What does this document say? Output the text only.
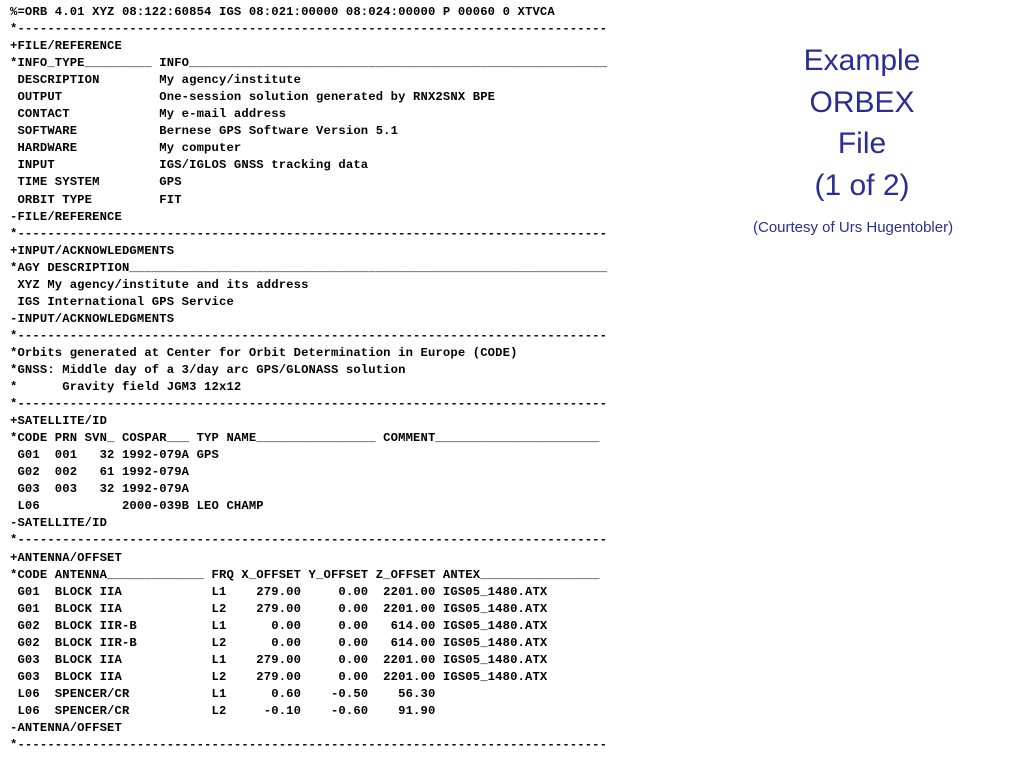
%=ORB 4.01 XYZ 08:122:60854 IGS 08:021:00000 08:024:00000 P 00060 0 XTVCA
*-------------------------------------------------------------------------------
+FILE/REFERENCE
*INFO_TYPE_________ INFO________________________________________________________
DESCRIPTION        My agency/institute
OUTPUT             One-session solution generated by RNX2SNX BPE
CONTACT            My e-mail address
SOFTWARE           Bernese GPS Software Version 5.1
HARDWARE           My computer
INPUT              IGS/IGLOS GNSS tracking data
TIME SYSTEM        GPS
ORBIT TYPE         FIT
-FILE/REFERENCE
*-------------------------------------------------------------------------------
+INPUT/ACKNOWLEDGMENTS
*AGY DESCRIPTION________________________________________________________________
XYZ My agency/institute and its address
IGS International GPS Service
-INPUT/ACKNOWLEDGMENTS
*-------------------------------------------------------------------------------
*Orbits generated at Center for Orbit Determination in Europe (CODE)
*GNSS: Middle day of a 3/day arc GPS/GLONASS solution
*      Gravity field JGM3 12x12
*-------------------------------------------------------------------------------
+SATELLITE/ID
*CODE PRN SVN_ COSPAR___ TYP NAME________________ COMMENT______________________
G01  001   32 1992-079A GPS
G02  002   61 1992-079A
G03  003   32 1992-079A
L06           2000-039B LEO CHAMP
-SATELLITE/ID
*-------------------------------------------------------------------------------
+ANTENNA/OFFSET
*CODE ANTENNA_____________ FRQ X_OFFSET Y_OFFSET Z_OFFSET ANTEX________________
G01  BLOCK IIA            L1    279.00     0.00  2201.00 IGS05_1480.ATX
G01  BLOCK IIA            L2    279.00     0.00  2201.00 IGS05_1480.ATX
G02  BLOCK IIR-B          L1      0.00     0.00   614.00 IGS05_1480.ATX
G02  BLOCK IIR-B          L2      0.00     0.00   614.00 IGS05_1480.ATX
G03  BLOCK IIA            L1    279.00     0.00  2201.00 IGS05_1480.ATX
G03  BLOCK IIA            L2    279.00     0.00  2201.00 IGS05_1480.ATX
L06  SPENCER/CR           L1      0.60    -0.50    56.30
L06  SPENCER/CR           L2     -0.10    -0.60    91.90
-ANTENNA/OFFSET
*-------------------------------------------------------------------------------
Example
ORBEX
File
(1 of 2)
(Courtesy of Urs Hugentobler)
